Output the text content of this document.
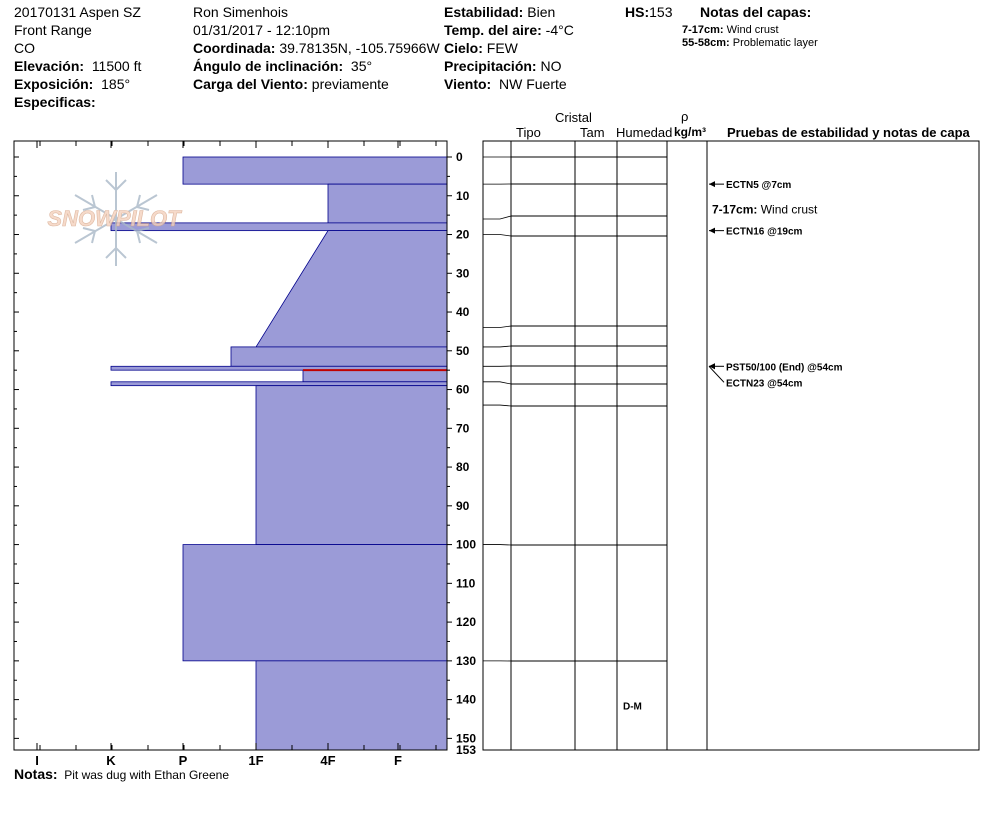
20170131 Aspen SZ
Front Range
CO
Elevación: 11500 ft
Exposición: 185°
Especificas:
Ron Simenhois
01/31/2017 - 12:10pm
Coordinada: 39.78135N, -105.75966W
Ángulo de inclinación: 35°
Carga del Viento: previamente
Estabilidad: Bien
Temp. del aire: -4°C
Cielo: FEW
Precipitación: NO
Viento: NW Fuerte
HS:153 Notas del capas:
7-17cm: Wind crust
55-58cm: Problematic layer
Cristal
Tipo	Tam Humedad
ρ
kg/m³ Pruebas de estabilidad y notas de capa
Notas: Pit was dug with Ethan Greene
I	K	P	1F	4F	F
0
10
20
30
40
50
60
70
80
90
100
110
120
130
140
150
153
SNOWPILOT
D-M
ECTN5 @7cm
7-17cm: Wind crust
ECTN16 @19cm
PST50/100 (End) @54cm
ECTN23 @54cm
